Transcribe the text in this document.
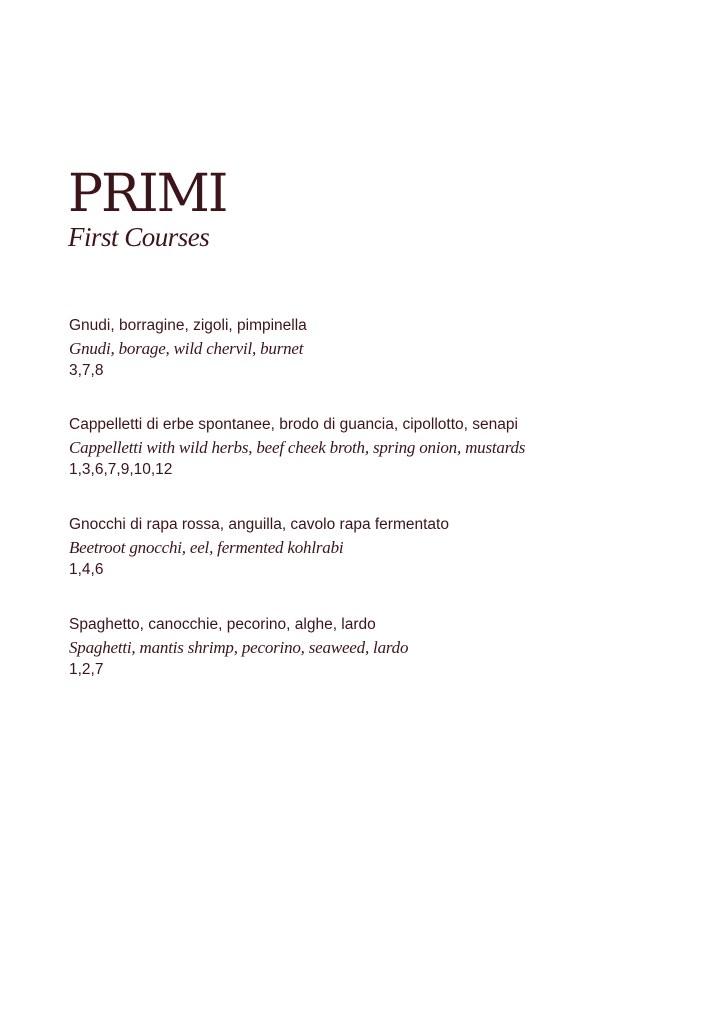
PRIMI
First Courses
Gnudi, borragine, zigoli, pimpinella
Gnudi, borage, wild chervil, burnet
3,7,8
Cappelletti di erbe spontanee, brodo di guancia, cipollotto, senapi
Cappelletti with wild herbs, beef cheek broth, spring onion, mustards
1,3,6,7,9,10,12
Gnocchi di rapa rossa, anguilla, cavolo rapa fermentato
Beetroot gnocchi, eel, fermented kohlrabi
1,4,6
Spaghetto, canocchie, pecorino, alghe, lardo
Spaghetti, mantis shrimp, pecorino, seaweed, lardo
1,2,7
